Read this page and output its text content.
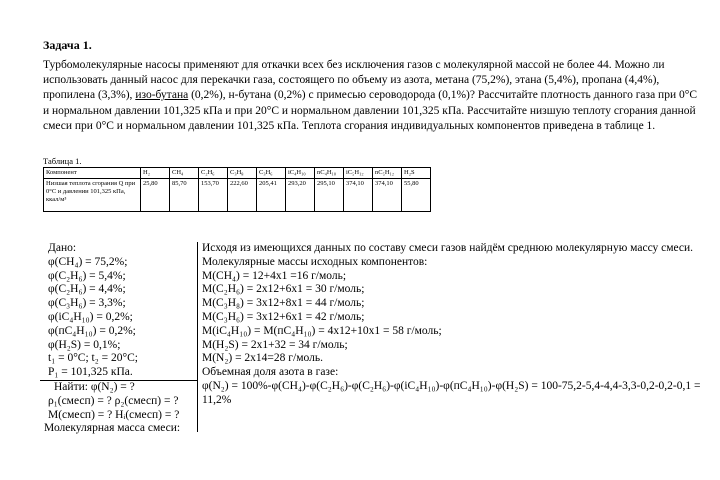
Задача 1.
Турбомолекулярные насосы применяют для откачки всех без исключения газов с молекулярной массой не более 44. Можно ли использовать данный насос для перекачки газа, состоящего по объему из азота, метана (75,2%), этана (5,4%), пропана (4,4%), пропилена (3,3%), изо-бутана (0,2%), н-бутана (0,2%) с примесью сероводорода (0,1%)? Рассчитайте плотность данного газа при 0°С и нормальном давлении 101,325 кПа и при 20°С и нормальном давлении 101,325 кПа. Рассчитайте низшую теплоту сгорания данной смеси при 0°С и нормальном давлении 101,325 кПа. Теплота сгорания индивидуальных компонентов приведена в таблице 1.
Таблица 1.
Компонент	H₂	CH₄	C₂H₆	C₃H₈	C₃H₆	iC₄H₁₀	nC₄H₁₀	iC₅H₁₂	nC₅H₁₂	H₂S
Низшая теплота сгорания Q при 0°С и давлении 101,325 кПа, ккал/м³	25,80	85,70	153,70	222,60	205,41	293,20	295,10	374,10	374,10	55,80
Дано:
φ(CH₄) = 75,2%;
φ(C₂H₆) = 5,4%;
φ(C₂H₆) = 4,4%;
φ(C₃H₆) = 3,3%;
φ(iC₄H₁₀) = 0,2%;
φ(пC₄H₁₀) = 0,2%;
φ(H₂S) = 0,1%;
t₁ = 0°C; t₂ = 20°C;
P₁ = 101,325 кПа.
Найти: φ(N₂) = ?
ρ₁(смесп) = ? ρ₂(смесп) = ?
M(смесп) = ? Hᵢ(смесп) = ?
Молекулярная масса смеси:
Исходя из имеющихся данных по составу смеси газов найдём среднюю молекулярную массу смеси.
Молекулярные массы исходных компонентов:
M(CH₄) = 12+4x1 =16 г/моль;
M(C₂H₆) = 2x12+6x1 = 30 г/моль;
M(C₃H₈) = 3x12+8x1 = 44 г/моль;
M(C₃H₆) = 3x12+6x1 = 42 г/моль;
M(iC₄H₁₀) = M(пC₄H₁₀) = 4x12+10x1 = 58 г/моль;
M(H₂S) = 2x1+32 = 34 г/моль;
M(N₂) = 2x14=28 г/моль.
Объемная доля азота в газе:
φ(N₂) = 100%-φ(CH₄)-φ(C₂H₆)-φ(C₂H₆)-φ(iC₄H₁₀)-φ(пC₄H₁₀)-φ(H₂S) = 100-75,2-5,4-4,4-3,3-0,2-0,2-0,1 = 11,2%
